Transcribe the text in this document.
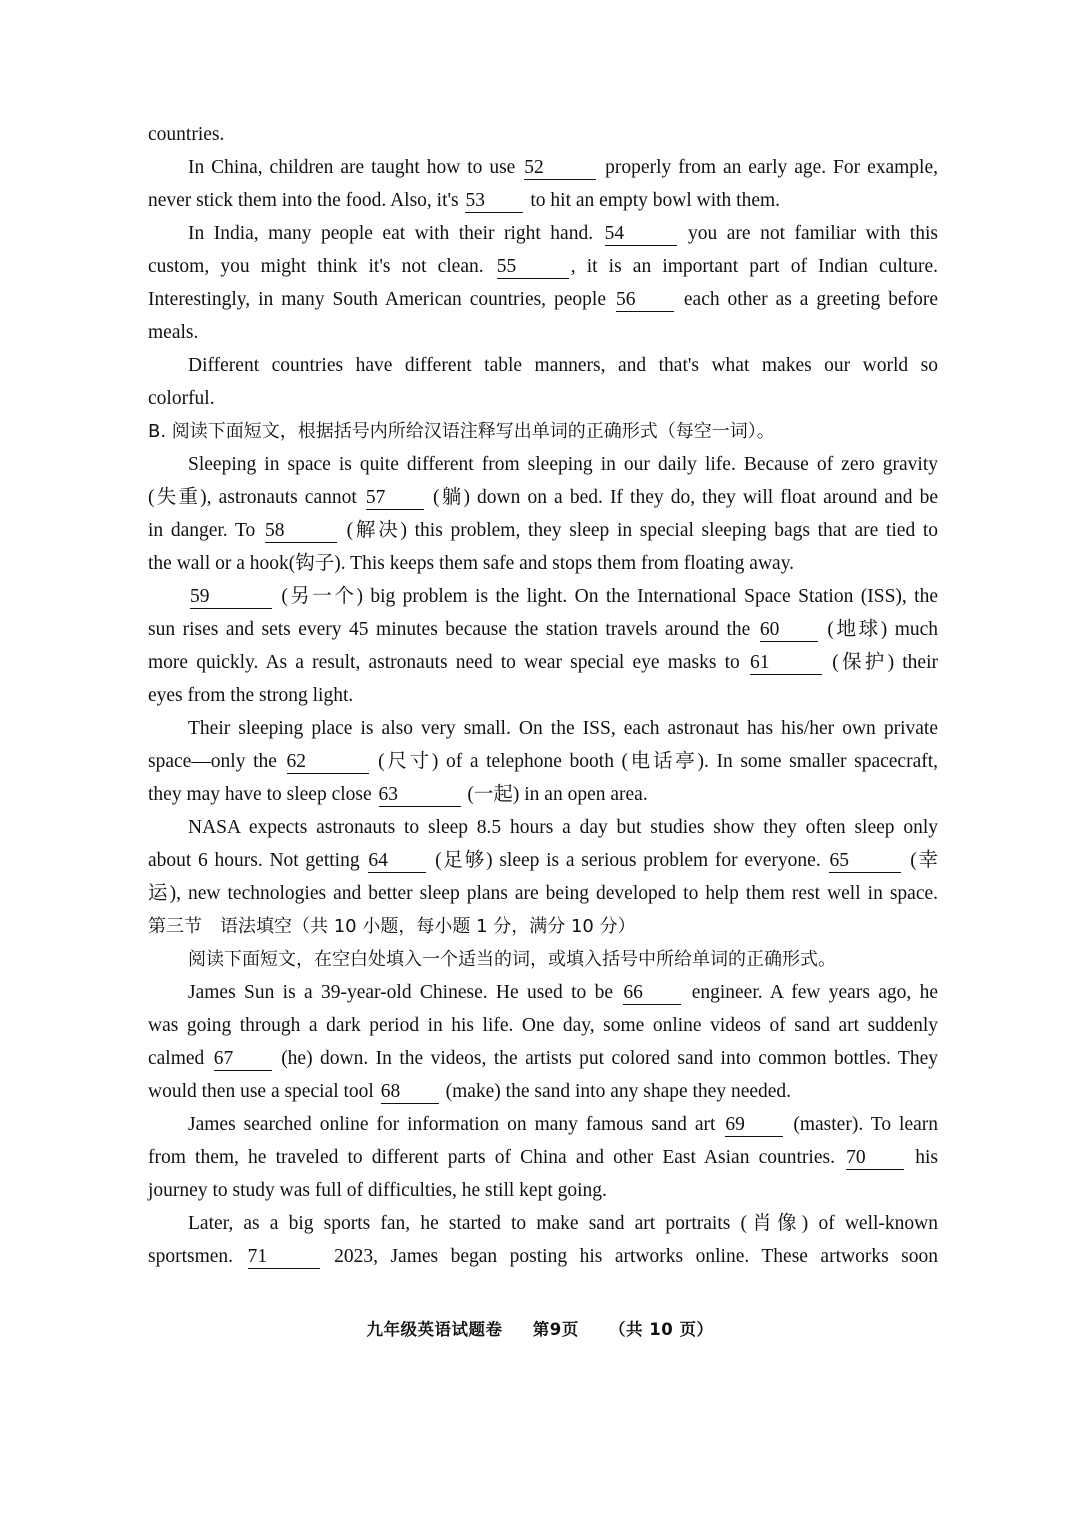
countries.
In China, children are taught how to use 52	properly from an early age. For example,
never stick them into the food. Also, it's 53 to hit an empty bowl with them.
In India, many people eat with their right hand. 54	you are not familiar with this
custom, you might think it's not clean. 55	, it is an important part of Indian culture.
Interestingly, in many South American countries, people 56 each other as a greeting before
meals.
Different countries have different table manners, and that's what makes our world so
colorful.
B. 阅读下面短文，根据括号内所给汉语注释写出单词的正确形式（每空一词）。
Sleeping in space is quite different from sleeping in our daily life. Because of zero gravity
(失重), astronauts cannot 57 (躺) down on a bed. If they do, they will float around and be
in danger. To 58	(解决) this problem, they sleep in special sleeping bags that are tied to
the wall or a hook(钩子). This keeps them safe and stops them from floating away.
59	(另一个) big problem is the light. On the International Space Station (ISS), the
sun rises and sets every 45 minutes because the station travels around the 60 (地球) much
more quickly. As a result, astronauts need to wear special eye masks to 61	(保护) their
eyes from the strong light.
Their sleeping place is also very small. On the ISS, each astronaut has his/her own private
space—only the 62	(尺寸) of a telephone booth (电话亭). In some smaller spacecraft,
they may have to sleep close 63	(一起) in an open area.
NASA expects astronauts to sleep 8.5 hours a day but studies show they often sleep only
about 6 hours. Not getting 64 (足够) sleep is a serious problem for everyone. 65	(幸
运), new technologies and better sleep plans are being developed to help them rest well in space.
第三节　语法填空（共 10 小题，每小题 1 分，满分 10 分）
阅读下面短文，在空白处填入一个适当的词，或填入括号中所给单词的正确形式。
James Sun is a 39-year-old Chinese. He used to be 66	engineer. A few years ago, he
was going through a dark period in his life. One day, some online videos of sand art suddenly
calmed 67 (he) down. In the videos, the artists put colored sand into common bottles. They
would then use a special tool 68 (make) the sand into any shape they needed.
James searched online for information on many famous sand art 69 (master). To learn
from them, he traveled to different parts of China and other East Asian countries. 70	his
journey to study was full of difficulties, he still kept going.
Later, as a big sports fan, he started to make sand art portraits (肖像) of well-known
sportsmen. 71	2023, James began posting his artworks online. These artworks soon
九年级英语试题卷 第9页 （共 10 页）
